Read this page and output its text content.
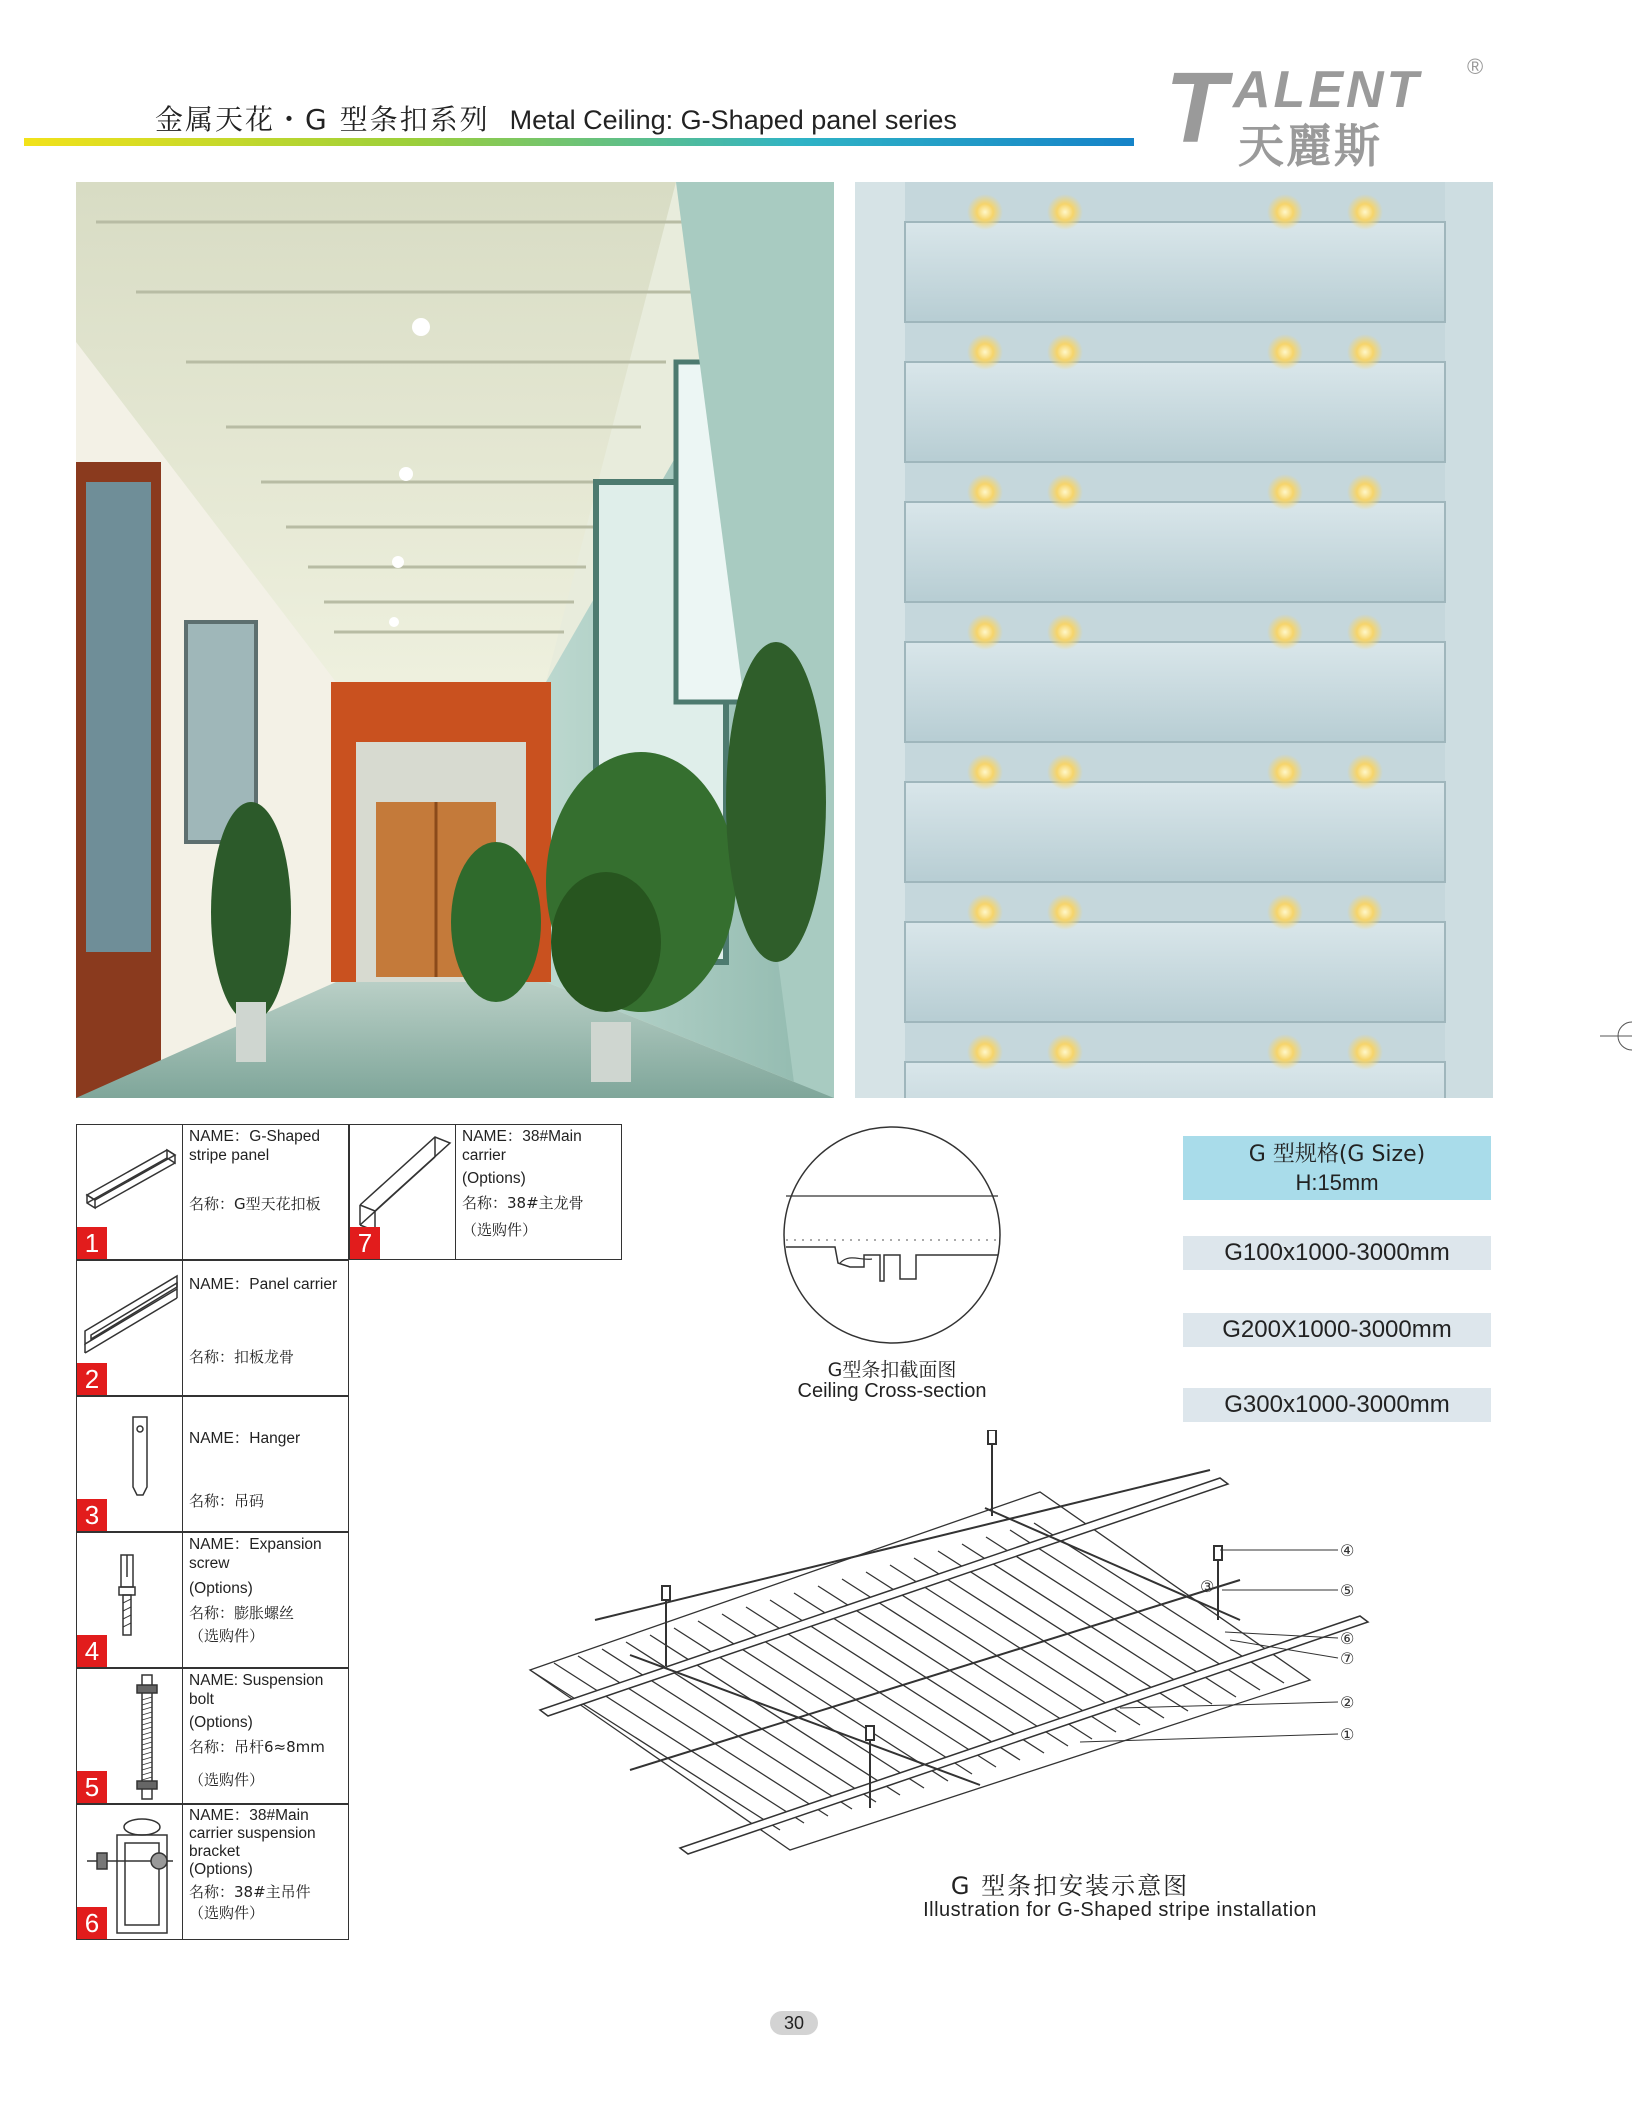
金属天花・G 型条扣系列 Metal Ceiling: G-Shaped panel series T ALENT
天麗斯
®
1

NAME：G-Shaped stripe panel

名称：G型天花扣板

7

NAME：38#Main carrier

(Options)

名称：38#主龙骨

（选购件）

2

NAME：Panel carrier

名称：扣板龙骨

3

NAME：Hanger

名称：吊码

4

NAME：Expansion screw

(Options)

名称：膨胀螺丝

（选购件）

5

NAME: Suspension bolt

(Options)

名称：吊杆6≈8mm

（选购件）

6

NAME：38#Main carrier suspension bracket

(Options)

名称：38#主吊件

（选购件）

G型条扣截面图
Ceiling Cross-section
G 型规格(G Size)
H:15mm
G100x1000-3000mm
G200X1000-3000mm
G300x1000-3000mm
④
⑤
③
⑥
⑦
②
①
G 型条扣安装示意图
Illustration for G-Shaped stripe installation
30
